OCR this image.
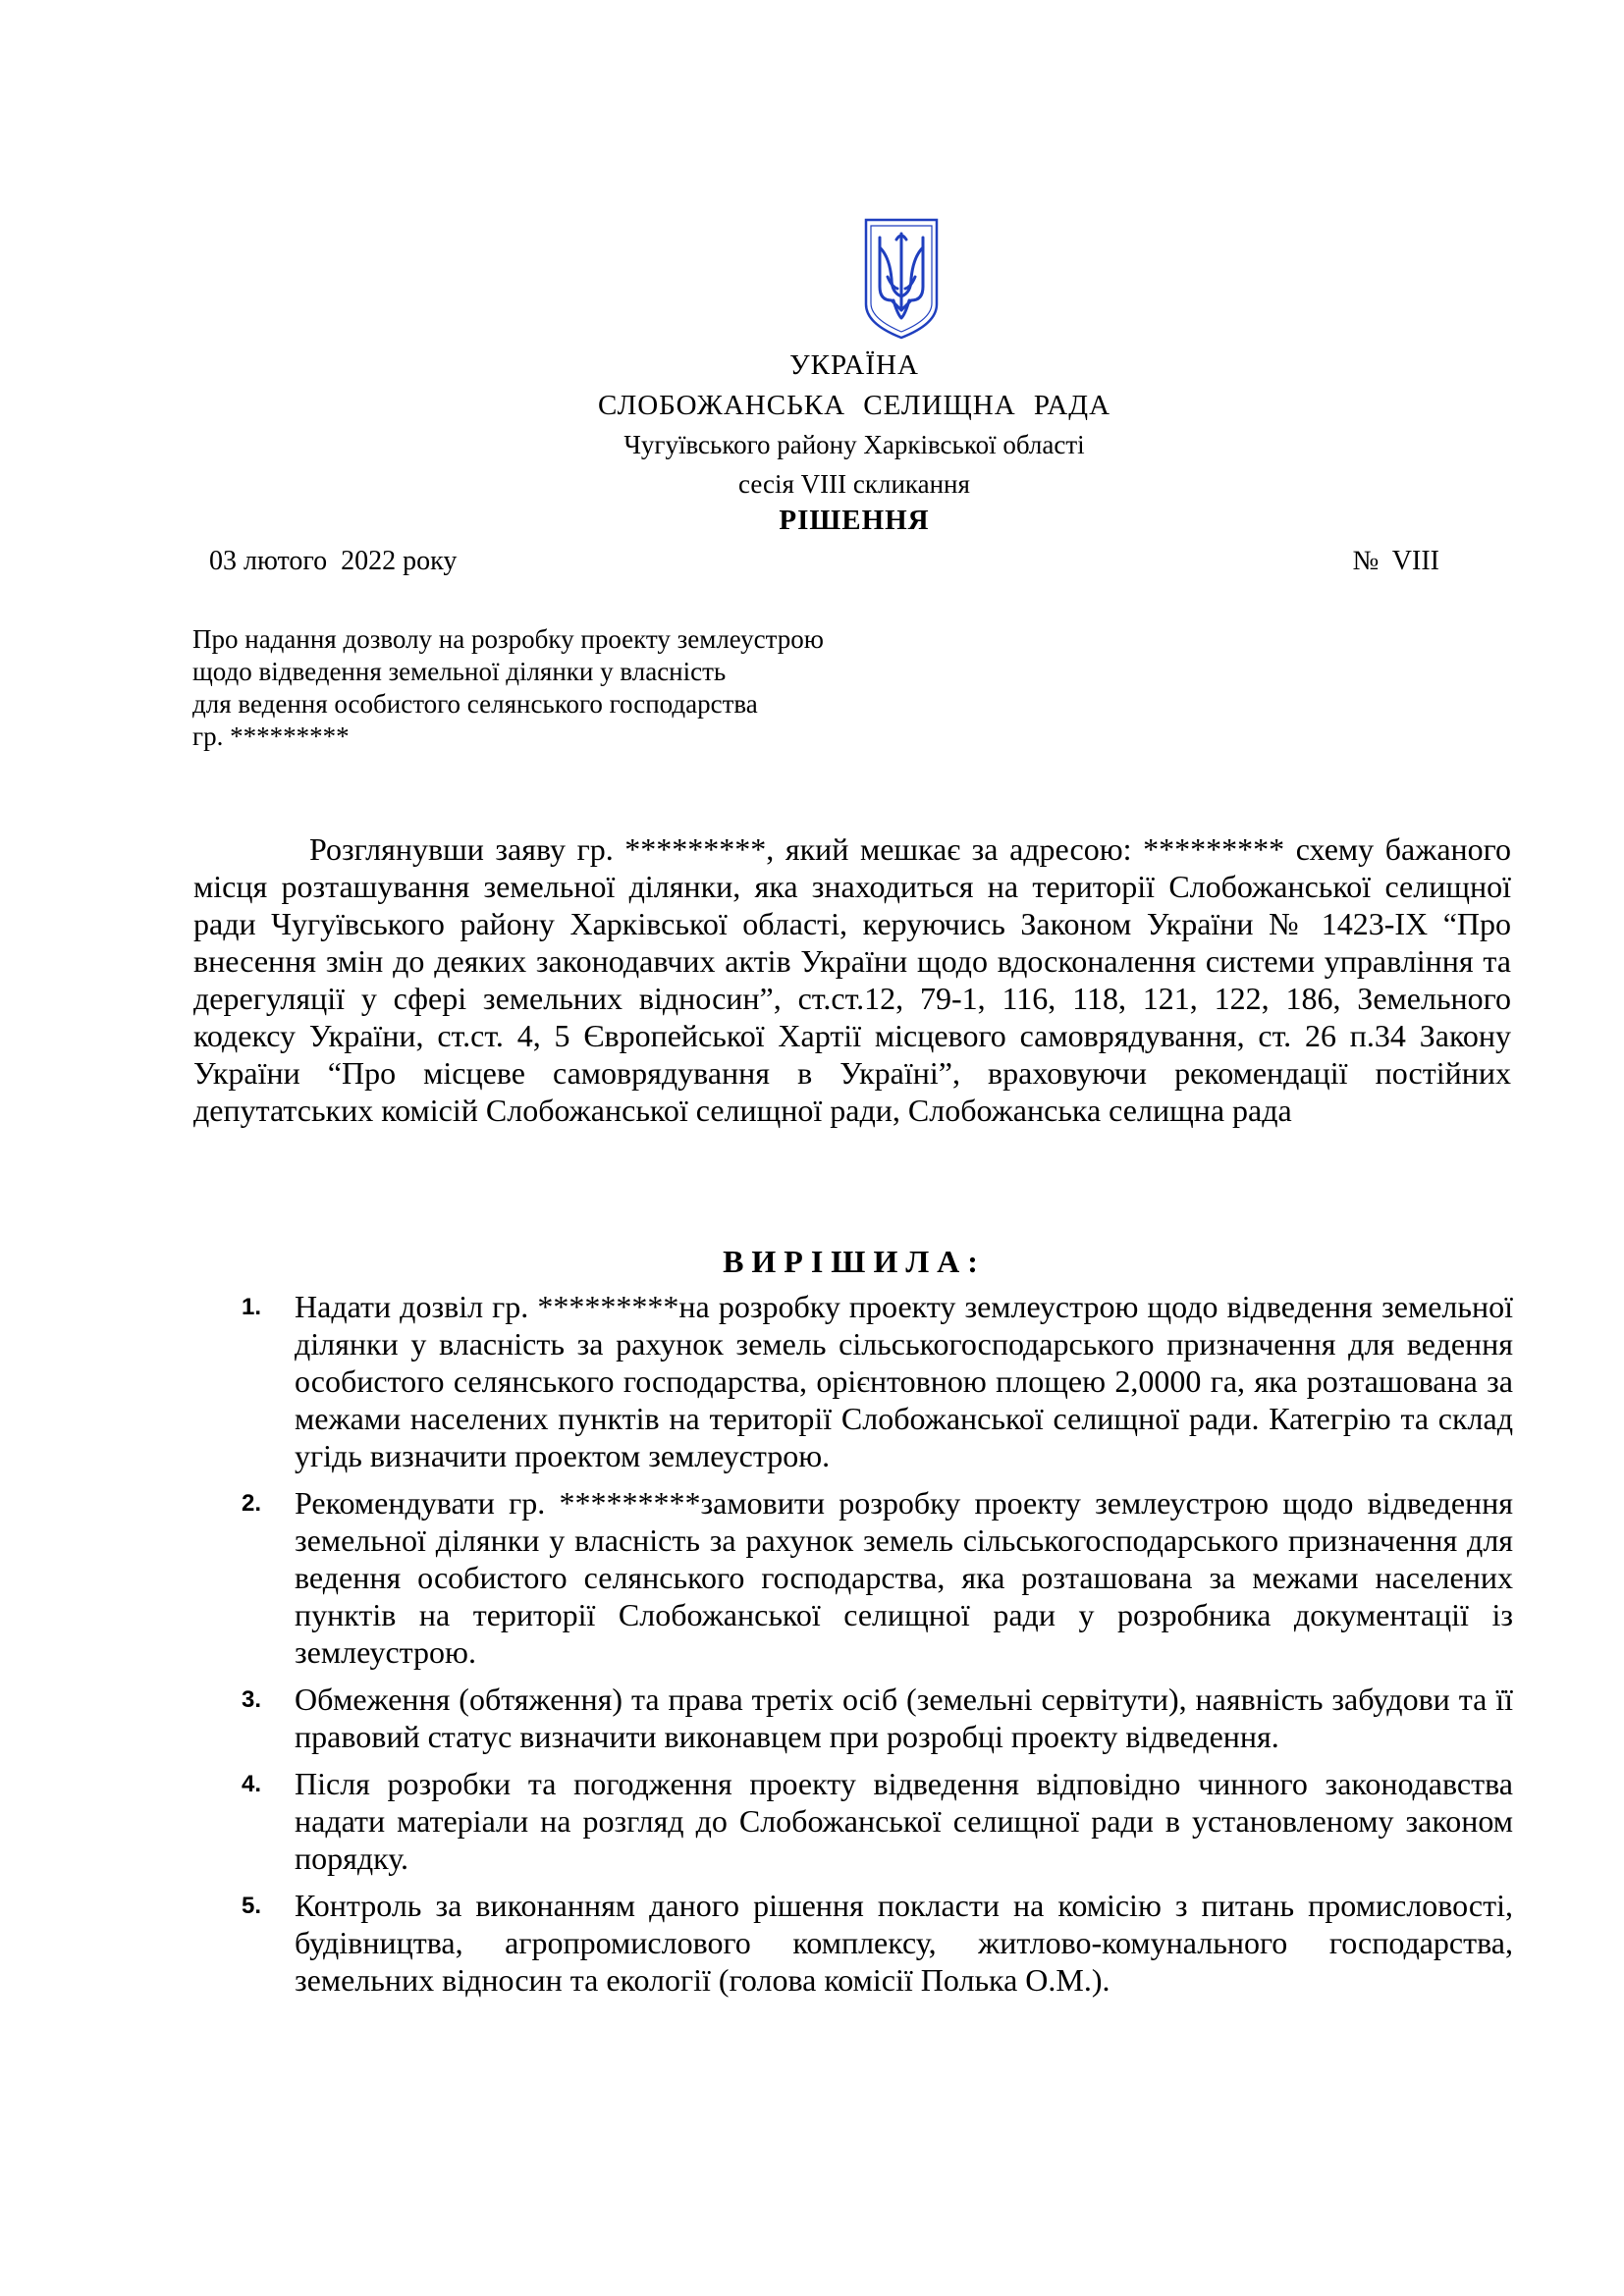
УКРАЇНА
СЛОБОЖАНСЬКА СЕЛИЩНА РАДА
Чугуївського району Харківської області
сесія VIII скликання
РІШЕННЯ
03 лютого  2022 року	№  VIII
Про надання дозволу на розробку проекту землеустрою
щодо відведення земельної ділянки у власність
для ведення особистого селянського господарства
гр. *********
Розглянувши заяву гр. *********, який мешкає за адресою: ********* схему бажаного місця розташування земельної ділянки, яка знаходиться на території Слобожанської селищної ради Чугуївського району Харківської області, керуючись Законом України № 1423-IX “Про внесення змін до деяких законодавчих актів України щодо вдосконалення системи управління та дерегуляції у сфері земельних відносин”, ст.ст.12, 79-1, 116, 118, 121, 122, 186, Земельного кодексу України, ст.ст. 4, 5 Європейської Хартії місцевого самоврядування, ст. 26 п.34 Закону України “Про місцеве самоврядування в Україні”, враховуючи рекомендації постійних депутатських комісій Слобожанської селищної ради, Слобожанська селищна рада
ВИРІШИЛА:
1. Надати дозвіл гр. *********на розробку проекту землеустрою щодо відведення земельної ділянки у власність за рахунок земель сільськогосподарського призначення для ведення особистого селянського господарства, орієнтовною площею 2,0000 га, яка розташована за межами населених пунктів на території Слобожанської селищної ради. Категрію та склад угідь визначити проектом землеустрою.
2. Рекомендувати гр. *********замовити розробку проекту землеустрою щодо відведення земельної ділянки у власність за рахунок земель сільськогосподарського призначення для ведення особистого селянського господарства, яка розташована за межами населених пунктів на території Слобожанської селищної ради у розробника документації із землеустрою.
3. Обмеження (обтяження) та права третіх осіб (земельні сервітути), наявність забудови та її правовий статус визначити виконавцем при розробці проекту відведення.
4. Після розробки та погодження проекту відведення відповідно чинного законодавства надати матеріали на розгляд до Слобожанської селищної ради в установленому законом порядку.
5. Контроль за виконанням даного рішення покласти на комісію з питань промисловості, будівництва, агропромислового комплексу, житлово-комунального господарства, земельних відносин та екології (голова комісії Полька О.М.).
